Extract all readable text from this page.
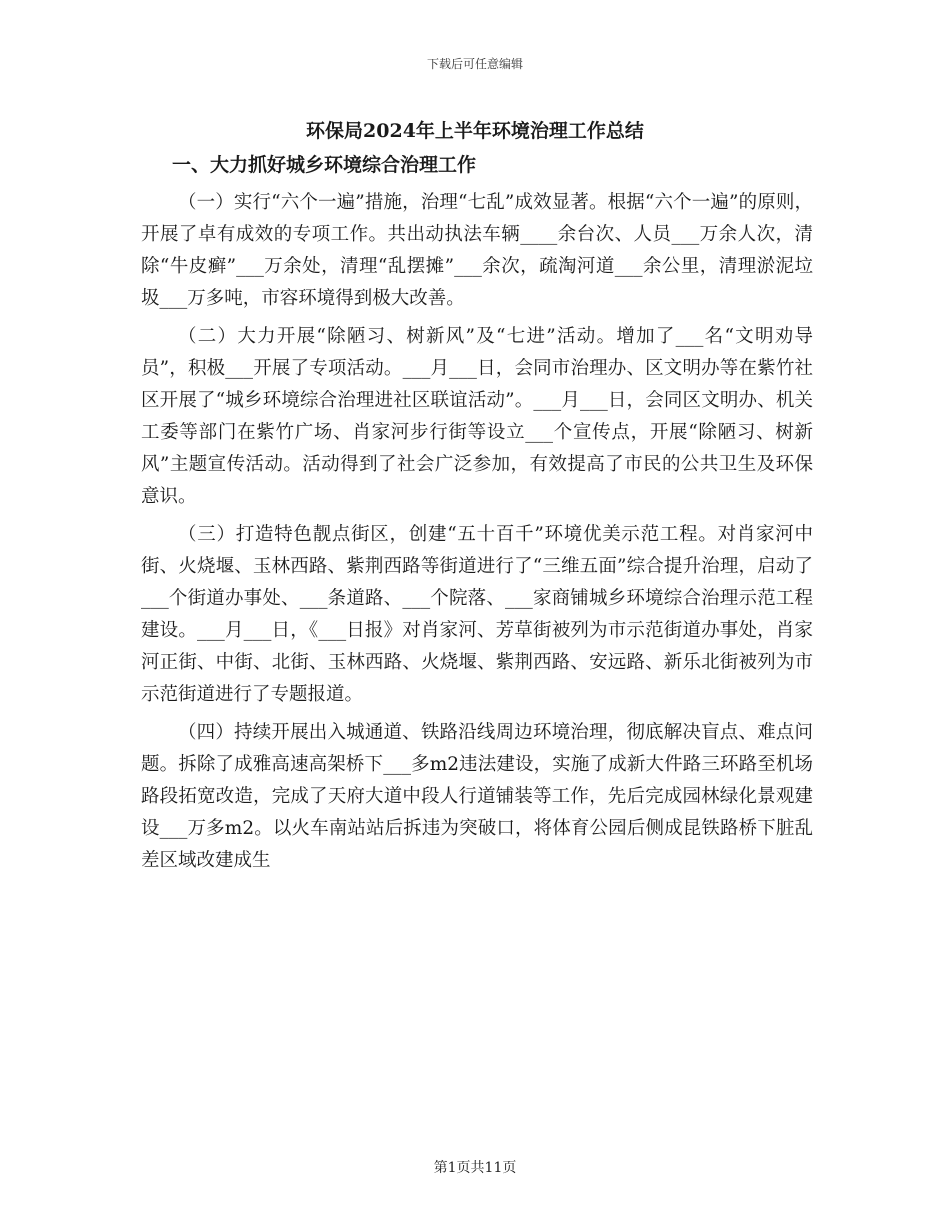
下载后可任意编辑
环保局2024年上半年环境治理工作总结
一、大力抓好城乡环境综合治理工作

（一）实行“六个一遍”措施，治理“七乱”成效显著。根据“六个一遍”的原则，开展了卓有成效的专项工作。共出动执法车辆____余台次、人员___万余人次，清除“牛皮癣”___万余处，清理“乱摆摊”___余次，疏淘河道___余公里，清理淤泥垃圾___万多吨，市容环境得到极大改善。

（二）大力开展“除陋习、树新风”及“七进”活动。增加了___名“文明劝导员”，积极___开展了专项活动。___月___日，会同市治理办、区文明办等在紫竹社区开展了“城乡环境综合治理进社区联谊活动”。___月___日，会同区文明办、机关工委等部门在紫竹广场、肖家河步行街等设立___个宣传点，开展“除陋习、树新风”主题宣传活动。活动得到了社会广泛参加，有效提高了市民的公共卫生及环保意识。

（三）打造特色靓点街区，创建“五十百千”环境优美示范工程。对肖家河中街、火烧堰、玉林西路、紫荆西路等街道进行了“三维五面”综合提升治理，启动了___个街道办事处、___条道路、___个院落、___家商铺城乡环境综合治理示范工程建设。___月___日，《___日报》对肖家河、芳草街被列为市示范街道办事处，肖家河正街、中街、北街、玉林西路、火烧堰、紫荆西路、安远路、新乐北街被列为市示范街道进行了专题报道。

（四）持续开展出入城通道、铁路沿线周边环境治理，彻底解决盲点、难点问题。拆除了成雅高速高架桥下___多m2违法建设，实施了成新大件路三环路至机场路段拓宽改造，完成了天府大道中段人行道铺装等工作，先后完成园林绿化景观建设___万多m2。以火车南站站后拆违为突破口，将体育公园后侧成昆铁路桥下脏乱差区域改建成生

第1页共11页
